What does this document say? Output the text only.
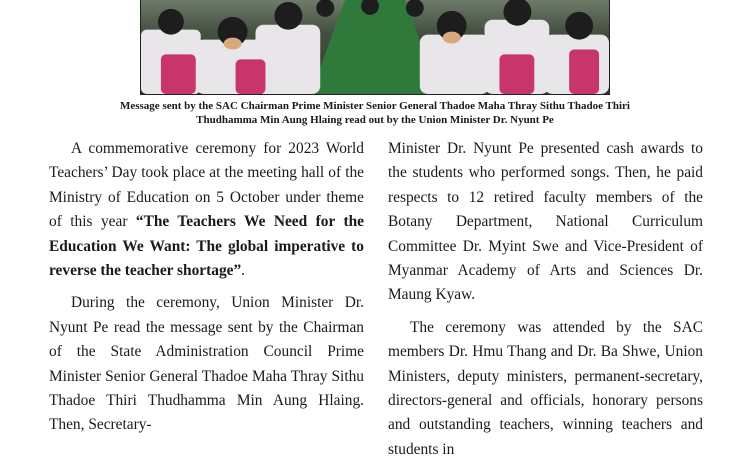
Message sent by the SAC Chairman Prime Minister Senior General Thadoe Maha Thray Sithu Thadoe Thiri
Thudhamma Min Aung Hlaing read out by the Union Minister Dr. Nyunt Pe

A commemorative ceremony for 2023 World Teachers’ Day took place at the meeting hall of the Ministry of Education on 5 October under theme of this year “The Teachers We Need for the Education We Want: The global imperative to reverse the teacher shortage”.

During the ceremony, Union Minister Dr. Nyunt Pe read the message sent by the Chairman of the State Administration Council Prime Minister Senior General Thadoe Maha Thray Sithu Thadoe Thiri Thudhamma Min Aung Hlaing. Then, Secretary-

Minister Dr. Nyunt Pe presented cash awards to the students who performed songs. Then, he paid respects to 12 retired faculty members of the Botany Department, National Curriculum Committee Dr. Myint Swe and Vice-President of Myanmar Academy of Arts and Sciences Dr. Maung Kyaw.

The ceremony was attended by the SAC members Dr. Hmu Thang and Dr. Ba Shwe, Union Ministers, deputy ministers, permanent-secretary, directors-general and officials, honorary persons and outstanding teachers, winning teachers and students in
